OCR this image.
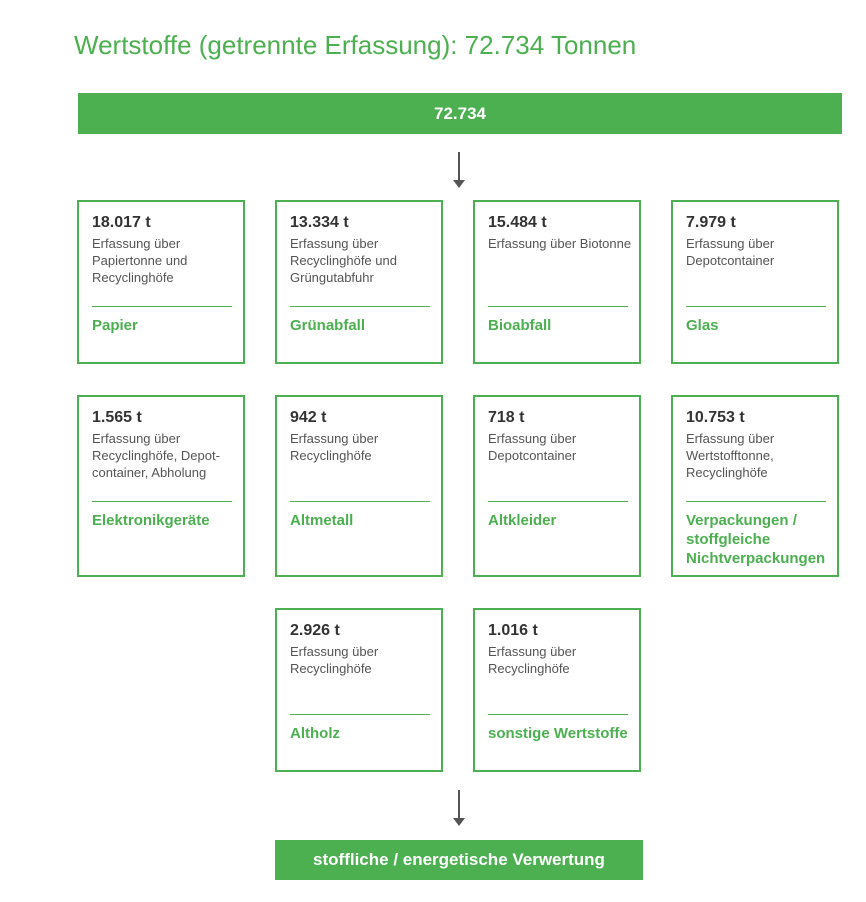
Wertstoffe (getrennte Erfassung): 72.734 Tonnen
72.734
18.017 t
Erfassung über Papiertonne und Recyclinghöfe
Papier
13.334 t
Erfassung über Recyclinghöfe und Grüngutabfuhr
Grünabfall
15.484 t
Erfassung über Biotonne
Bioabfall
7.979 t
Erfassung über Depotcontainer
Glas
1.565 t
Erfassung über Recyclinghöfe, Depot-container, Abholung
Elektronikgeräte
942 t
Erfassung über Recyclinghöfe
Altmetall
718 t
Erfassung über Depotcontainer
Altkleider
10.753 t
Erfassung über Wertstofftonne, Recyclinghöfe
Verpackungen / stoffgleiche Nichtverpackungen
2.926 t
Erfassung über Recyclinghöfe
Altholz
1.016 t
Erfassung über Recyclinghöfe
sonstige Wertstoffe
stoffliche / energetische Verwertung
